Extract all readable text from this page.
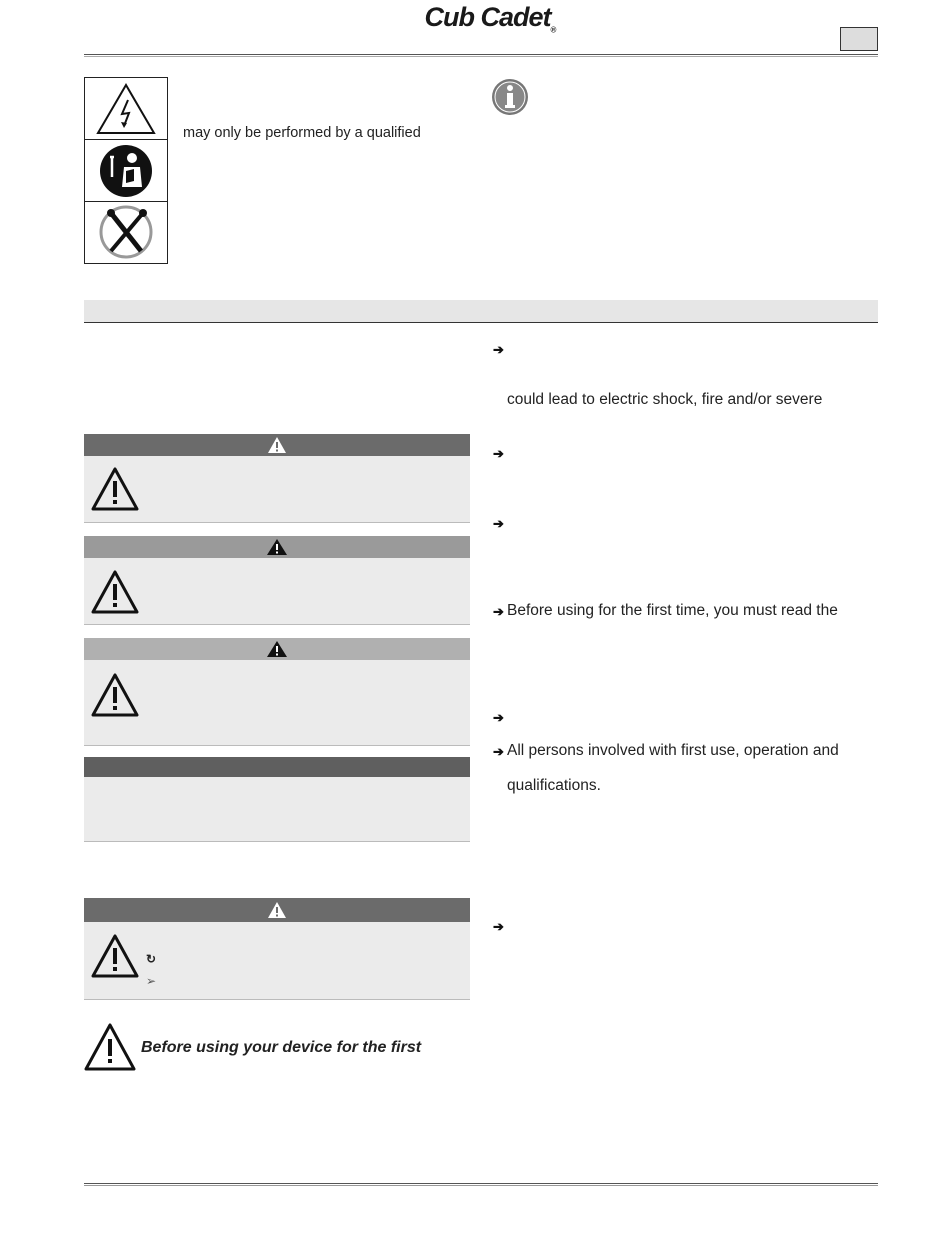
Cub Cadet$_®$
may only be performed by a qualified
↻
➢
Before using your device for the first
➔
could lead to electric shock, fire and/or severe
➔
➔
➔ Before using for the first time, you must read the
➔
➔ All persons involved with first use, operation and
qualifications.
➔
